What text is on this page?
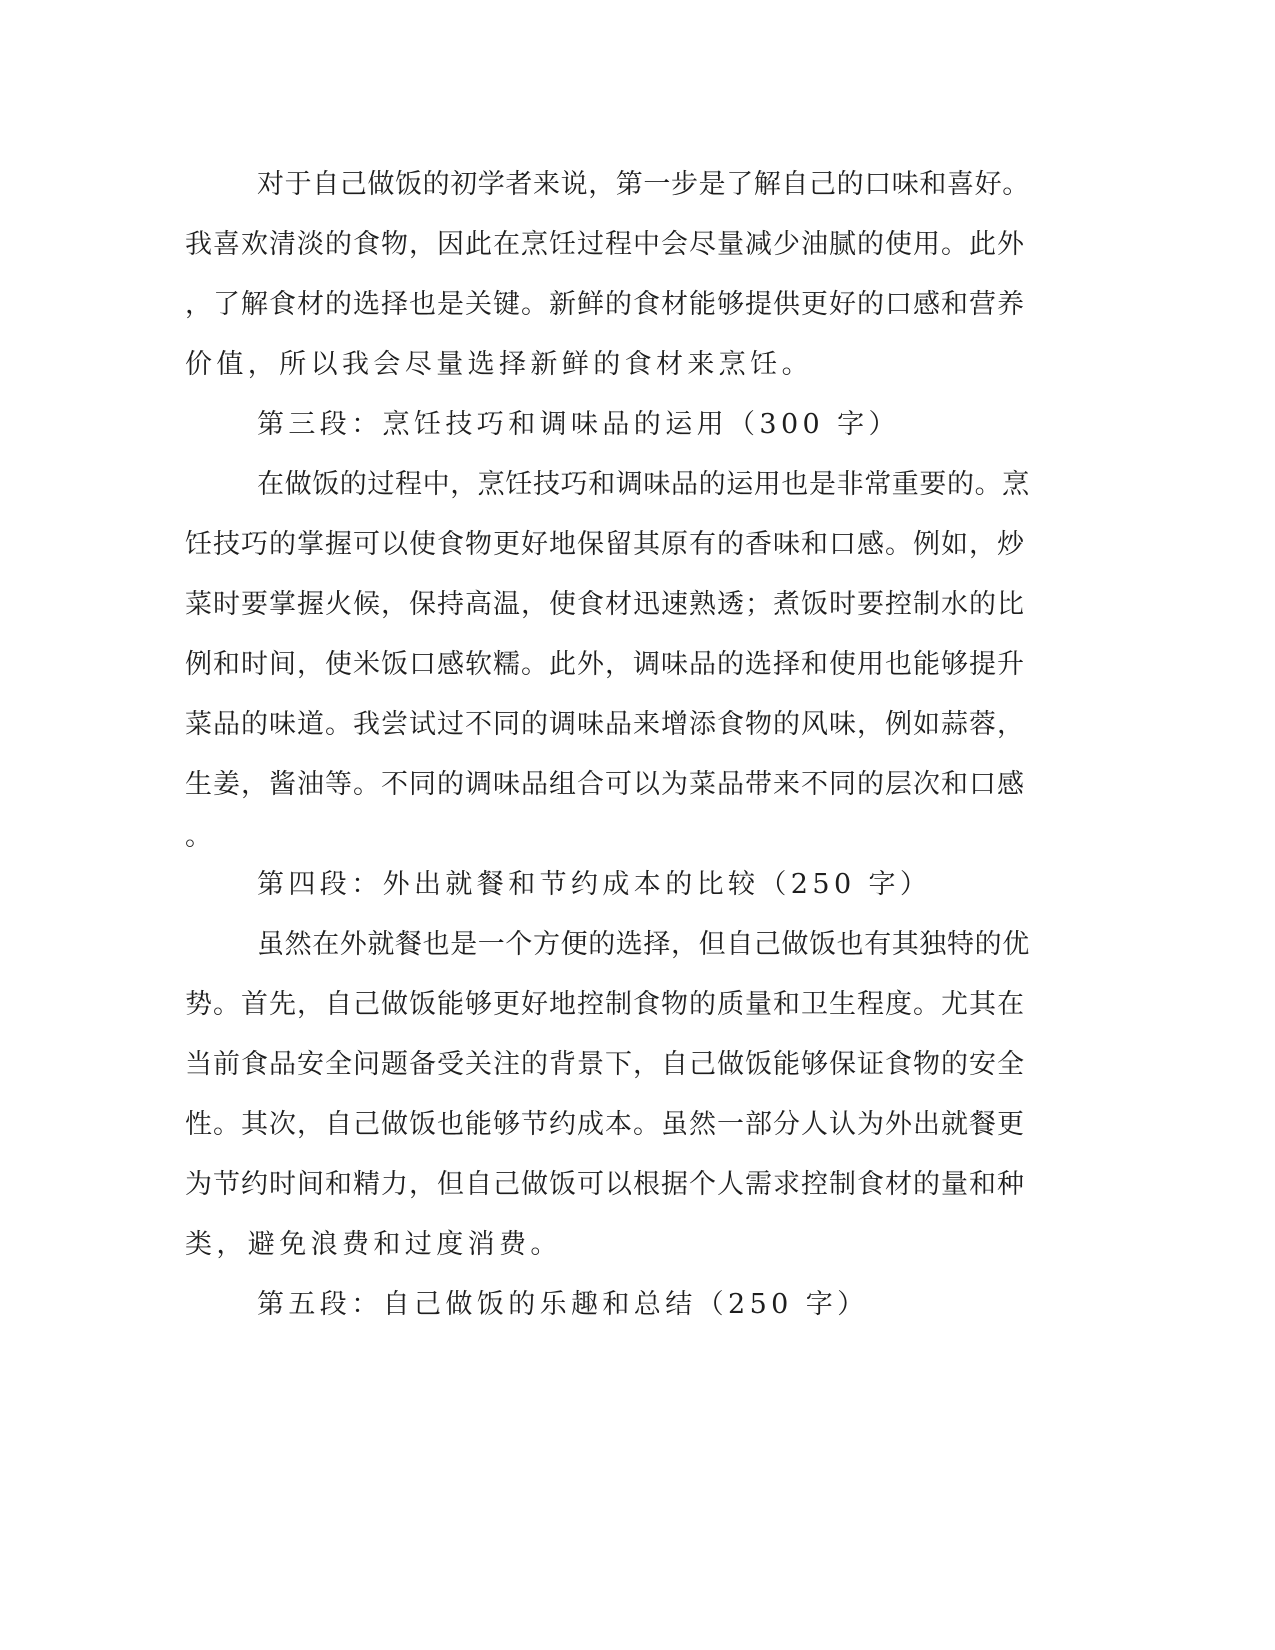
对于自己做饭的初学者来说，第一步是了解自己的口味和喜好。
我喜欢清淡的食物，因此在烹饪过程中会尽量减少油腻的使用。此外
，了解食材的选择也是关键。新鲜的食材能够提供更好的口感和营养
价值，所以我会尽量选择新鲜的食材来烹饪。
第三段：烹饪技巧和调味品的运用（300 字）
在做饭的过程中，烹饪技巧和调味品的运用也是非常重要的。烹
饪技巧的掌握可以使食物更好地保留其原有的香味和口感。例如，炒
菜时要掌握火候，保持高温，使食材迅速熟透；煮饭时要控制水的比
例和时间，使米饭口感软糯。此外，调味品的选择和使用也能够提升
菜品的味道。我尝试过不同的调味品来增添食物的风味，例如蒜蓉，
生姜，酱油等。不同的调味品组合可以为菜品带来不同的层次和口感
。
第四段：外出就餐和节约成本的比较（250 字）
虽然在外就餐也是一个方便的选择，但自己做饭也有其独特的优
势。首先，自己做饭能够更好地控制食物的质量和卫生程度。尤其在
当前食品安全问题备受关注的背景下，自己做饭能够保证食物的安全
性。其次，自己做饭也能够节约成本。虽然一部分人认为外出就餐更
为节约时间和精力，但自己做饭可以根据个人需求控制食材的量和种
类，避免浪费和过度消费。
第五段：自己做饭的乐趣和总结（250 字）
